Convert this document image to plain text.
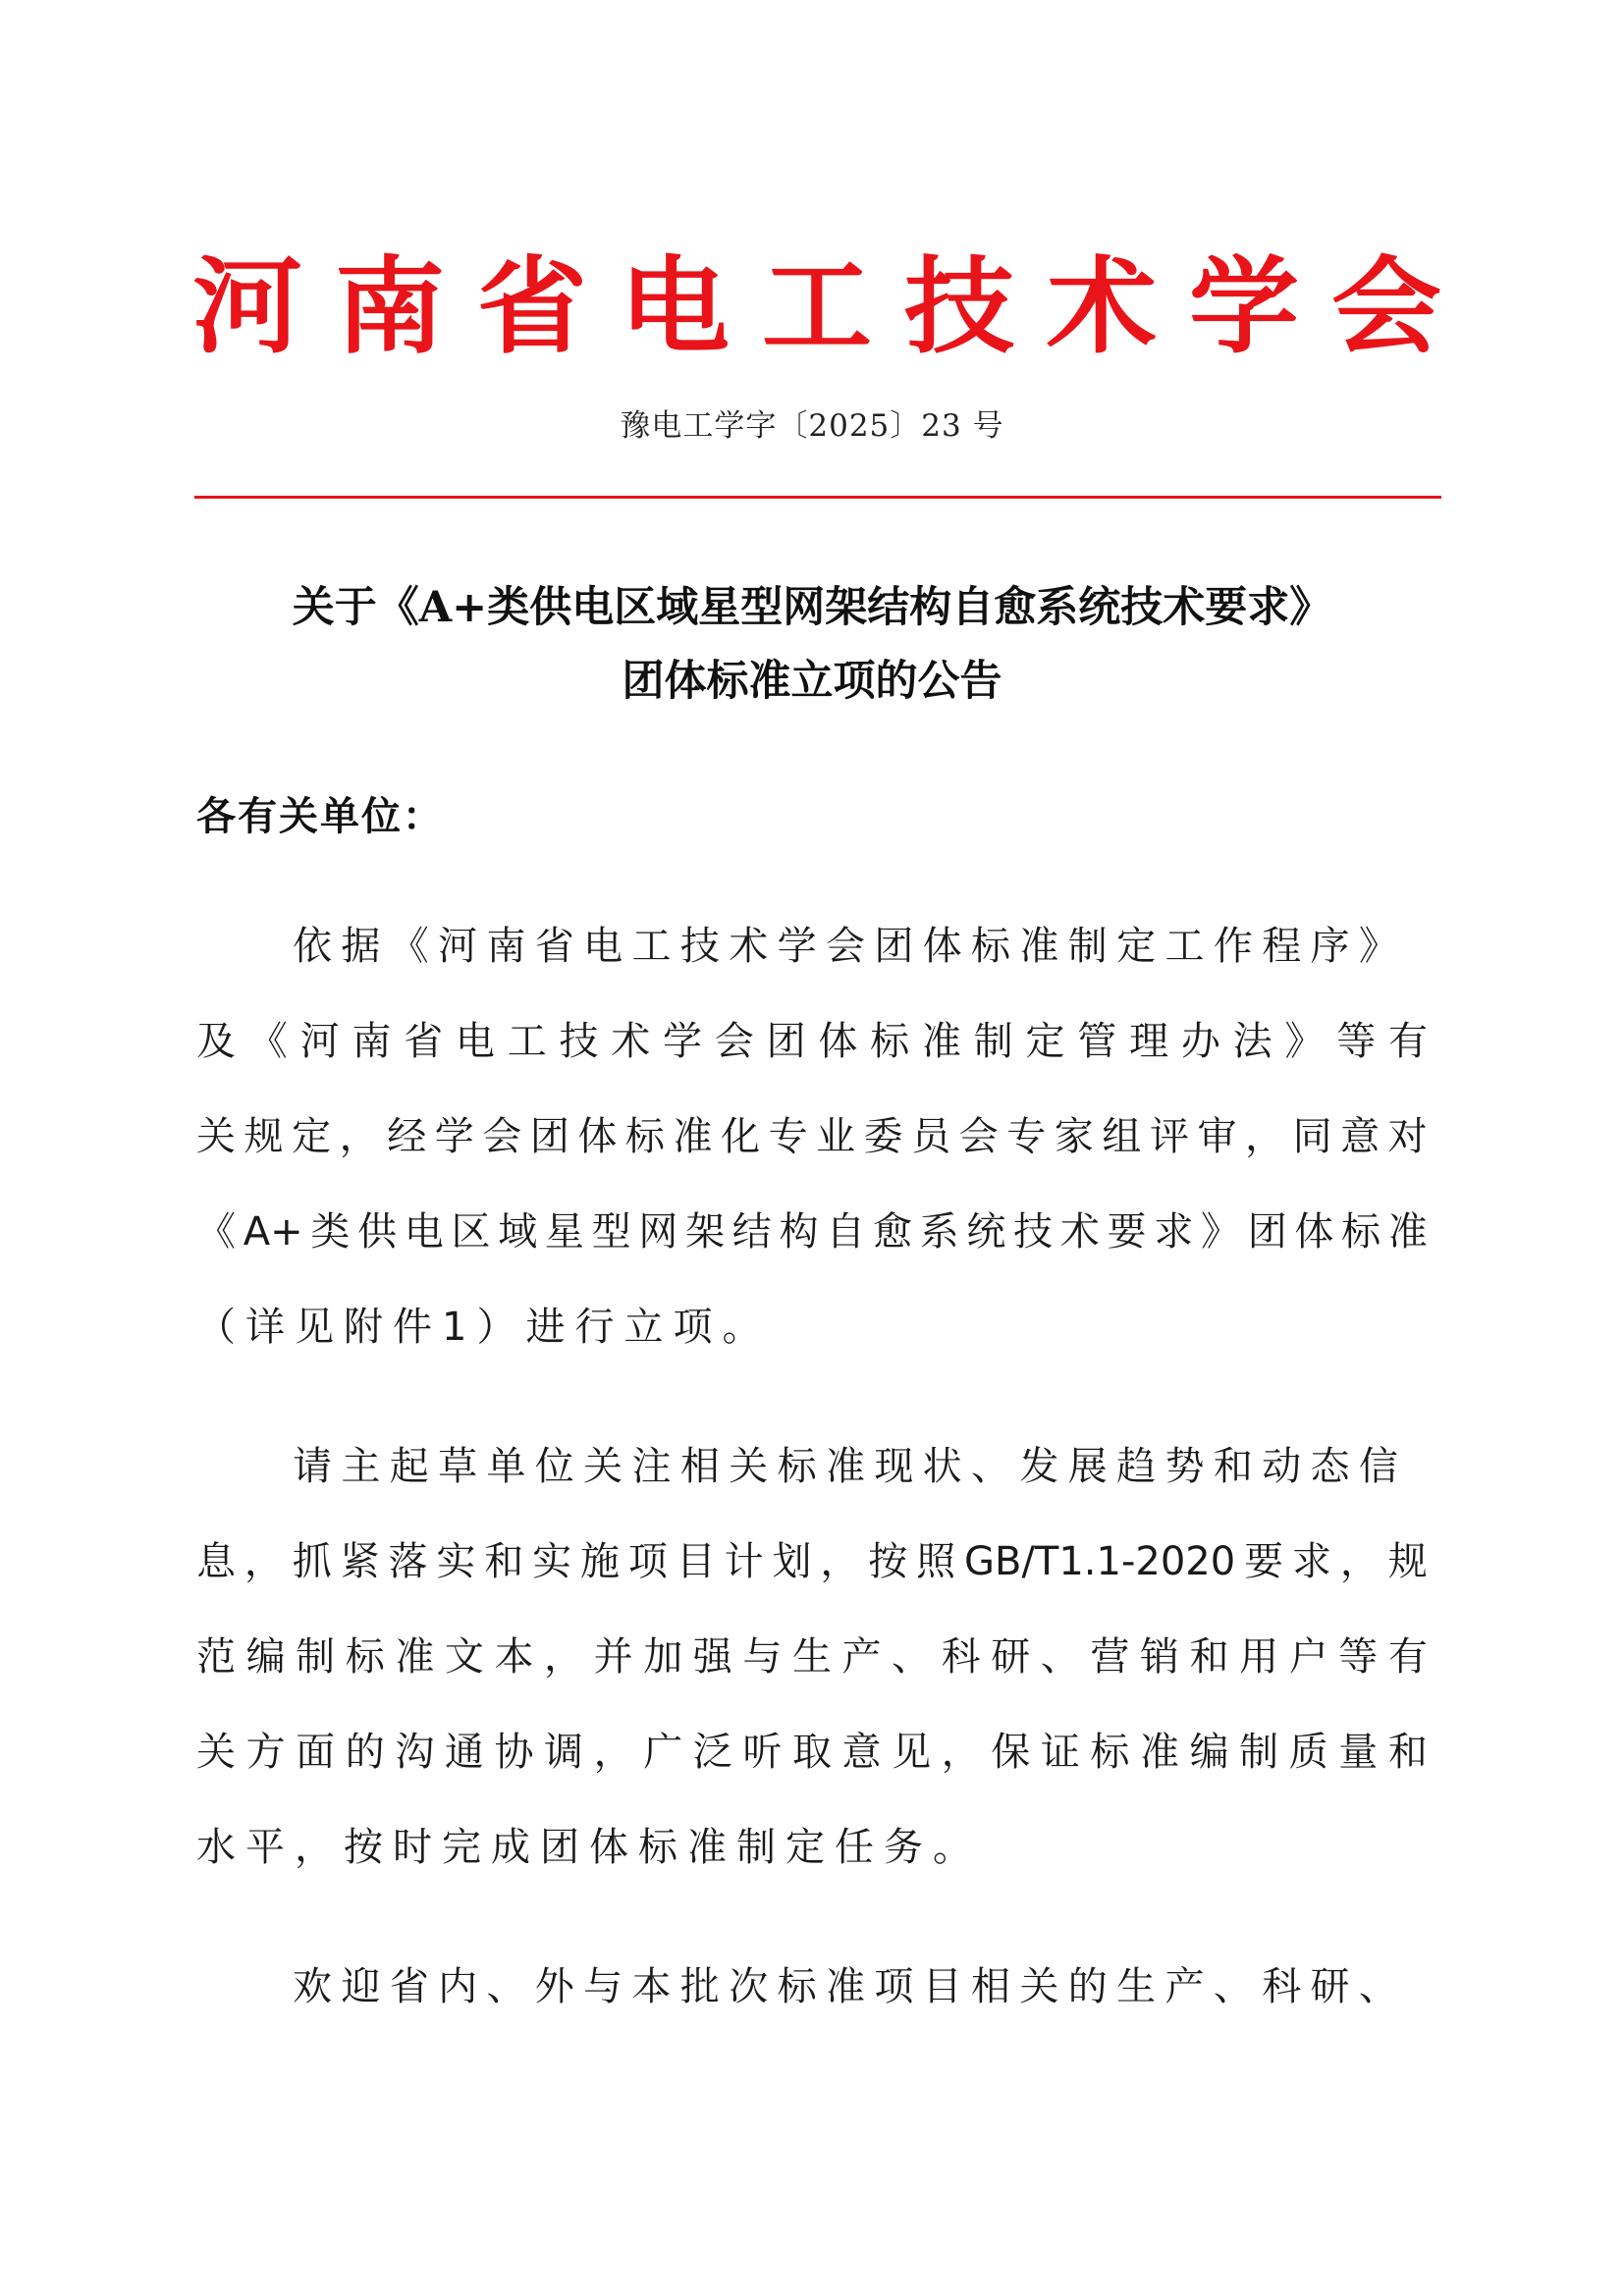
河 南 省 电 工 技 术 学 会
豫电工学字〔2025〕23 号
关于《A+类供电区域星型网架结构自愈系统技术要求》
团体标准立项的公告
各有关单位：
依 据 《 河 南 省 电 工 技 术 学 会 团 体 标 准 制 定 工 作 程 序 》
及 《 河 南 省 电 工 技 术 学 会 团 体 标 准 制 定 管 理 办 法 》 等 有
关 规 定 ， 经 学 会 团 体 标 准 化 专 业 委 员 会 专 家 组 评 审 ， 同 意 对
《 A+ 类 供 电 区 域 星 型 网 架 结 构 自 愈 系 统 技 术 要 求 》 团 体 标 准
（详见附件1）进行立项。
请 主 起 草 单 位 关 注 相 关 标 准 现 状 、 发 展 趋 势 和 动 态 信
息 ， 抓 紧 落 实 和 实 施 项 目 计 划 ， 按 照 GB/T1.1-2020 要 求 ， 规
范 编 制 标 准 文 本 ， 并 加 强 与 生 产 、 科 研 、 营 销 和 用 户 等 有
关 方 面 的 沟 通 协 调 ， 广 泛 听 取 意 见 ， 保 证 标 准 编 制 质 量 和
水平，按时完成团体标准制定任务。
欢 迎 省 内 、 外 与 本 批 次 标 准 项 目 相 关 的 生 产 、 科 研 、
